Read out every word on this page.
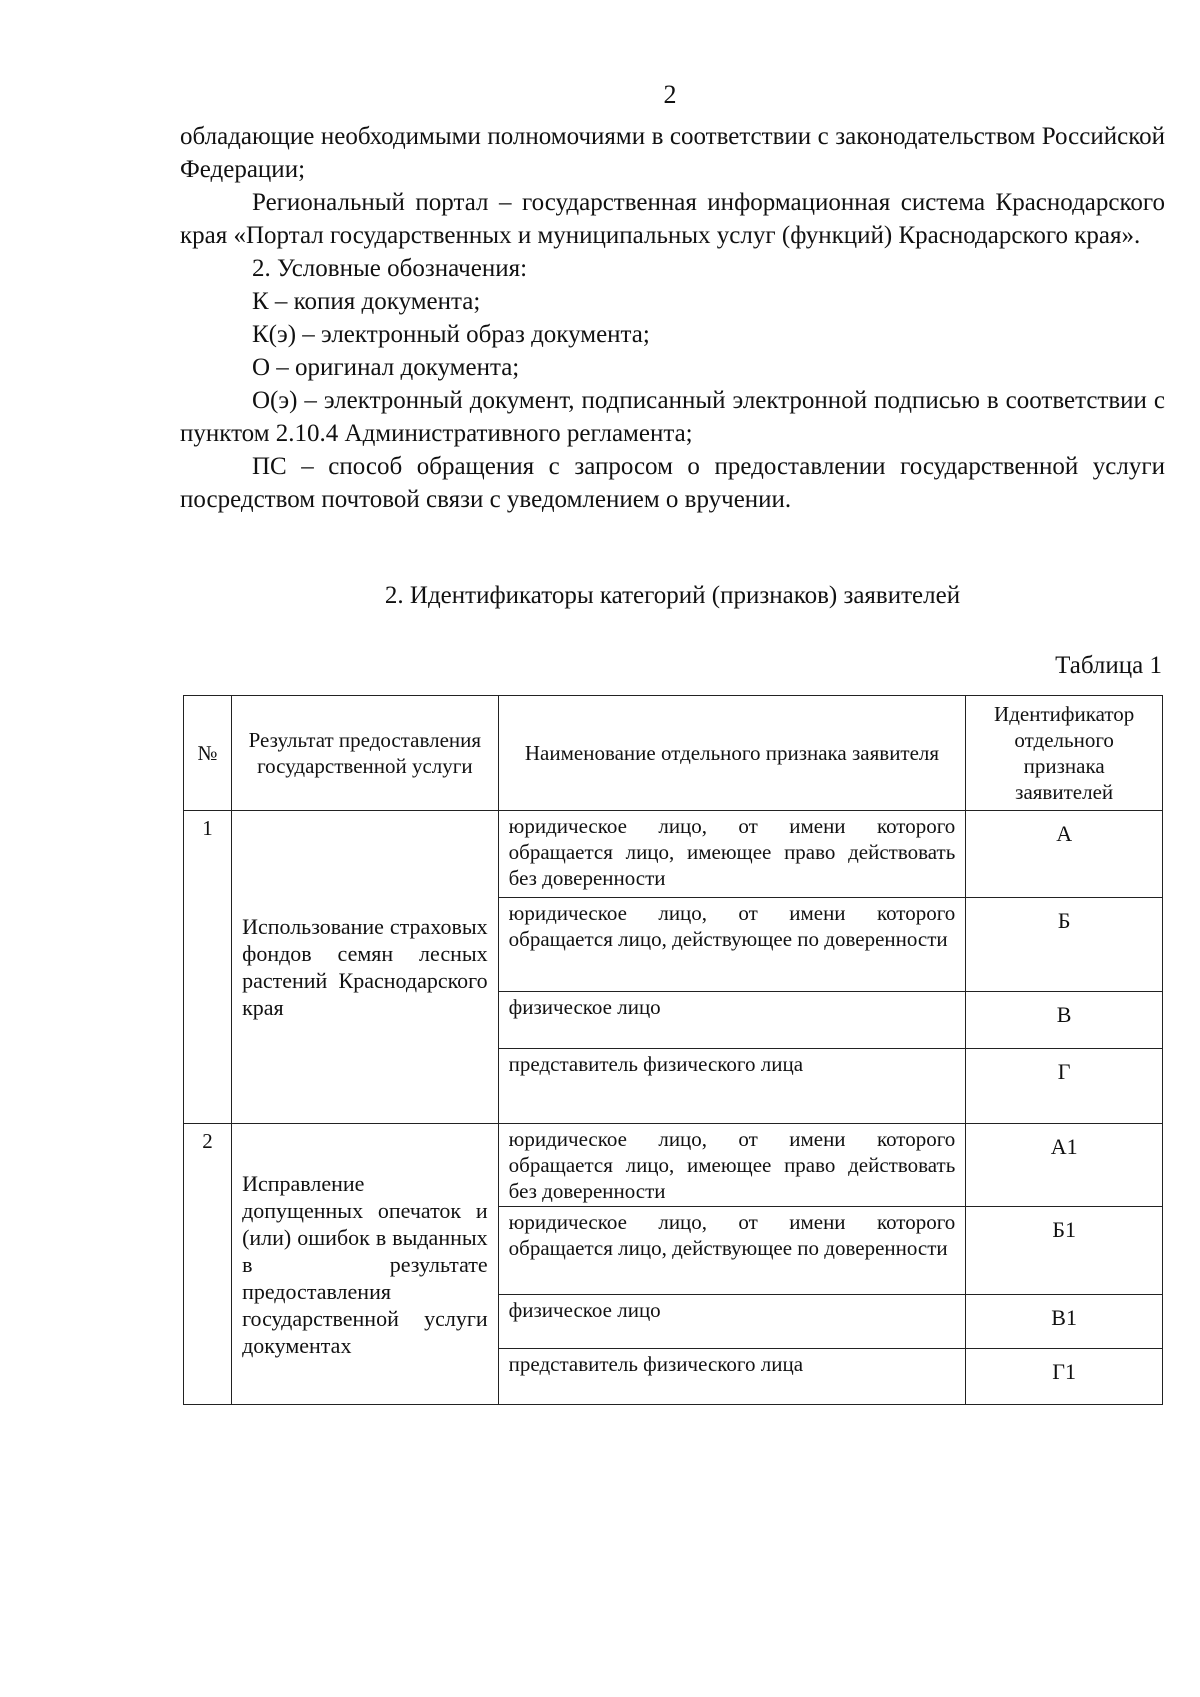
2

обладающие необходимыми полномочиями в соответствии с законодательством Российской Федерации;

Региональный портал – государственная информационная система Краснодарского края «Портал государственных и муниципальных услуг (функций) Краснодарского края».

2. Условные обозначения:

К – копия документа;

К(э) – электронный образ документа;

О – оригинал документа;

О(э) – электронный документ, подписанный электронной подписью в соответствии с пунктом 2.10.4 Административного регламента;

ПС – способ обращения с запросом о предоставлении государственной услуги посредством почтовой связи с уведомлением о вручении.

2. Идентификаторы категорий (признаков) заявителей
Таблица 1
№	Результат предоставления государственной услуги	Наименование отдельного признака заявителя	Идентификатор отдельного признака заявителей
1	Использование страховых фондов семян лесных растений Краснодарского края	юридическое лицо, от имени которого обращается лицо, имеющее право действовать без доверенности	А
		юридическое лицо, от имени которого обращается лицо, действующее по доверенности	Б
		физическое лицо	В
		представитель физического лица	Г
2	Исправление допущенных опечаток и (или) ошибок в выданных в результате предоставления государственной услуги документах	юридическое лицо, от имени которого обращается лицо, имеющее право действовать без доверенности	А1
		юридическое лицо, от имени которого обращается лицо, действующее по доверенности	Б1
		физическое лицо	В1
		представитель физического лица	Г1
